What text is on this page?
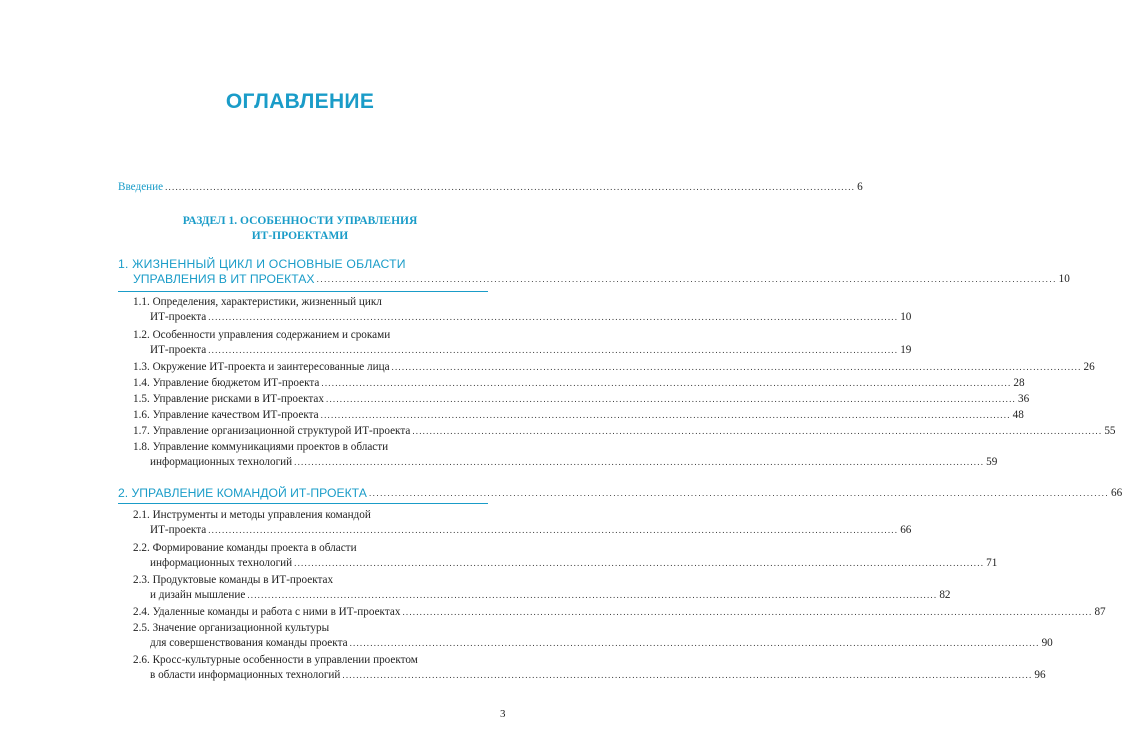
ОГЛАВЛЕНИЕ
Введение ........................................................................................................................................................................................................ 6
РАЗДЕЛ 1. ОСОБЕННОСТИ УПРАВЛЕНИЯ
ИТ-ПРОЕКТАМИ
1. ЖИЗНЕННЫЙ ЦИКЛ И ОСНОВНЫЕ ОБЛАСТИ
УПРАВЛЕНИЯ В ИТ ПРОЕКТАХ ........................................................................................................................................................................................................ 10
1.1. Определения, характеристики, жизненный цикл
ИТ-проекта ........................................................................................................................................................................................................ 10
1.2. Особенности управления содержанием и сроками
ИТ-проекта ........................................................................................................................................................................................................ 19
1.3. Окружение ИТ-проекта и заинтересованные лица ........................................................................................................................................................................................................ 26
1.4. Управление бюджетом ИТ-проекта ........................................................................................................................................................................................................ 28
1.5. Управление рисками в ИТ-проектах ........................................................................................................................................................................................................ 36
1.6. Управление качеством ИТ-проекта ........................................................................................................................................................................................................ 48
1.7. Управление организационной структурой ИТ-проекта ........................................................................................................................................................................................................ 55
1.8. Управление коммуникациями проектов в области
информационных технологий ........................................................................................................................................................................................................ 59
2. УПРАВЛЕНИЕ КОМАНДОЙ ИТ-ПРОЕКТА ........................................................................................................................................................................................................ 66
2.1. Инструменты и методы управления командой
ИТ-проекта ........................................................................................................................................................................................................ 66
2.2. Формирование команды проекта в области
информационных технологий ........................................................................................................................................................................................................ 71
2.3. Продуктовые команды в ИТ-проектах
и дизайн мышление ........................................................................................................................................................................................................ 82
2.4. Удаленные команды и работа с ними в ИТ-проектах ........................................................................................................................................................................................................ 87
2.5. Значение организационной культуры
для совершенствования команды проекта ........................................................................................................................................................................................................ 90
2.6. Кросс-культурные особенности в управлении проектом
в области информационных технологий ........................................................................................................................................................................................................ 96
3
